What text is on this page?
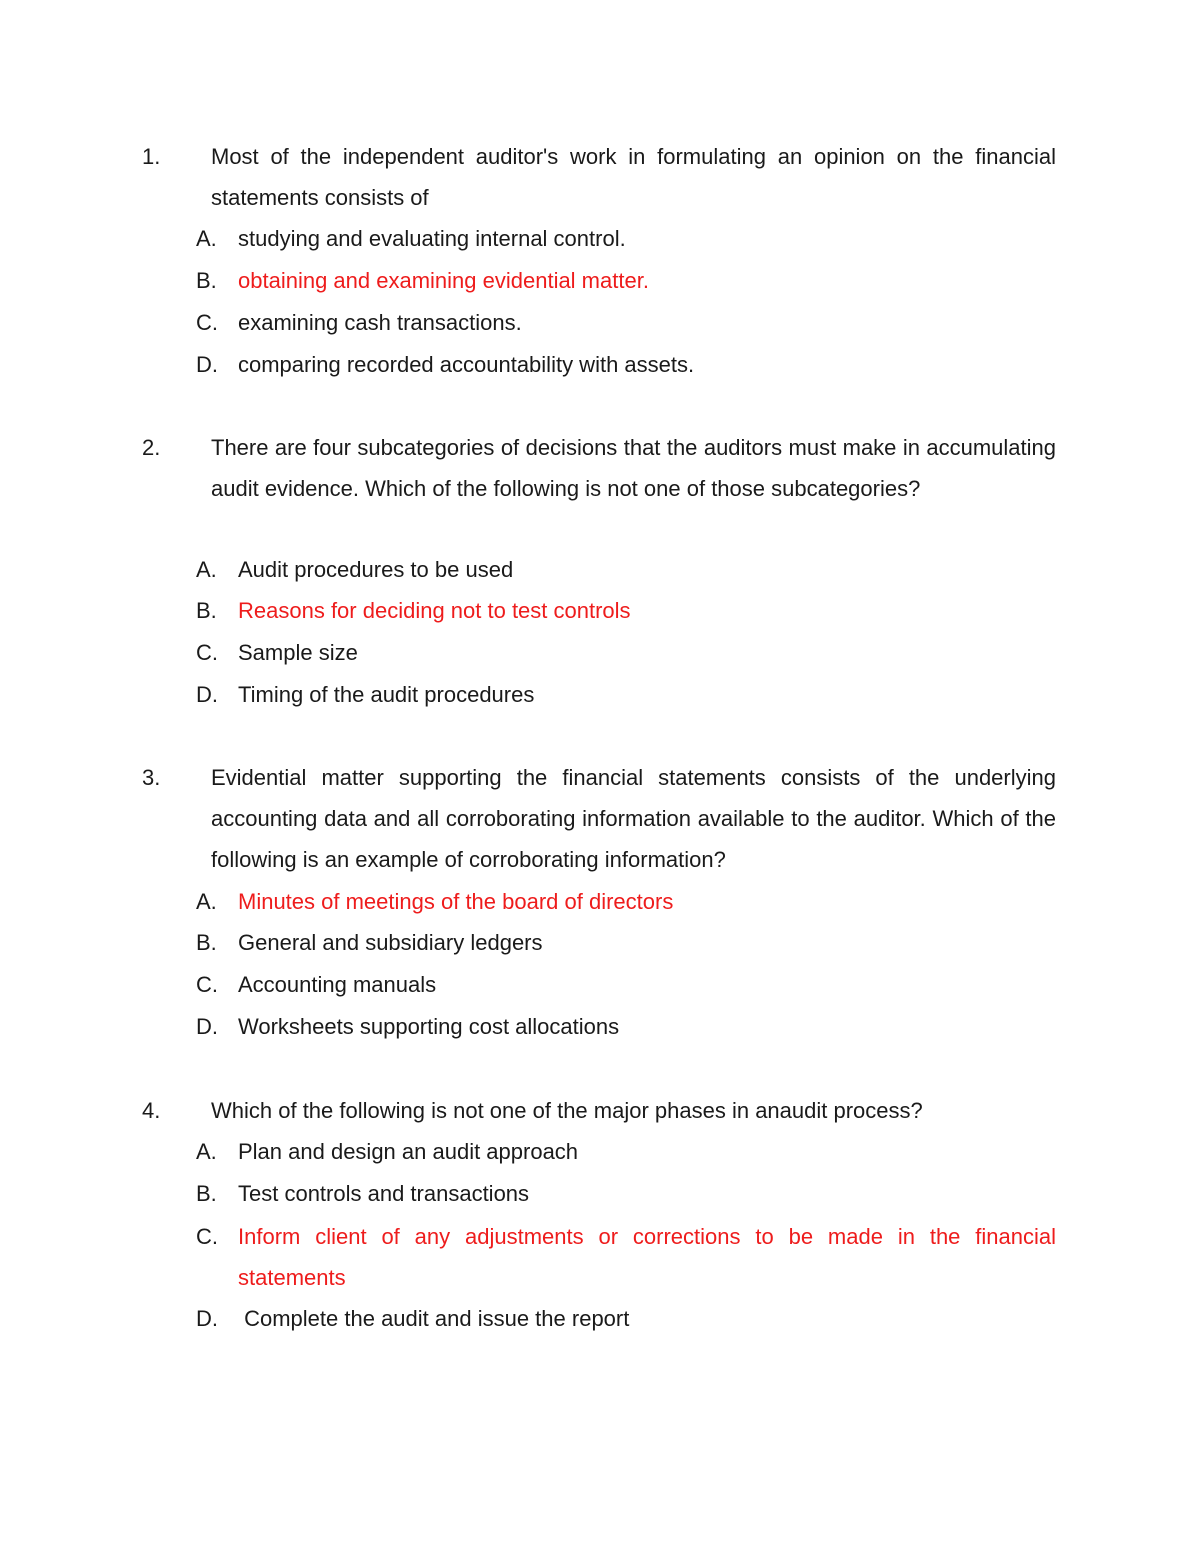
1. Most of the independent auditor's work in formulating an opinion on the financial statements consists of
A. studying and evaluating internal control.
B. obtaining and examining evidential matter.
C. examining cash transactions.
D. comparing recorded accountability with assets.
2. There are four subcategories of decisions that the auditors must make in accumulating audit evidence. Which of the following is not one of those subcategories?
A. Audit procedures to be used
B. Reasons for deciding not to test controls
C. Sample size
D. Timing of the audit procedures
3. Evidential matter supporting the financial statements consists of the underlying accounting data and all corroborating information available to the auditor. Which of the following is an example of corroborating information?
A. Minutes of meetings of the board of directors
B. General and subsidiary ledgers
C. Accounting manuals
D. Worksheets supporting cost allocations
4. Which of the following is not one of the major phases in anaudit process?
A. Plan and design an audit approach
B. Test controls and transactions
C. Inform client of any adjustments or corrections to be made in the financial statements
D. Complete the audit and issue the report
